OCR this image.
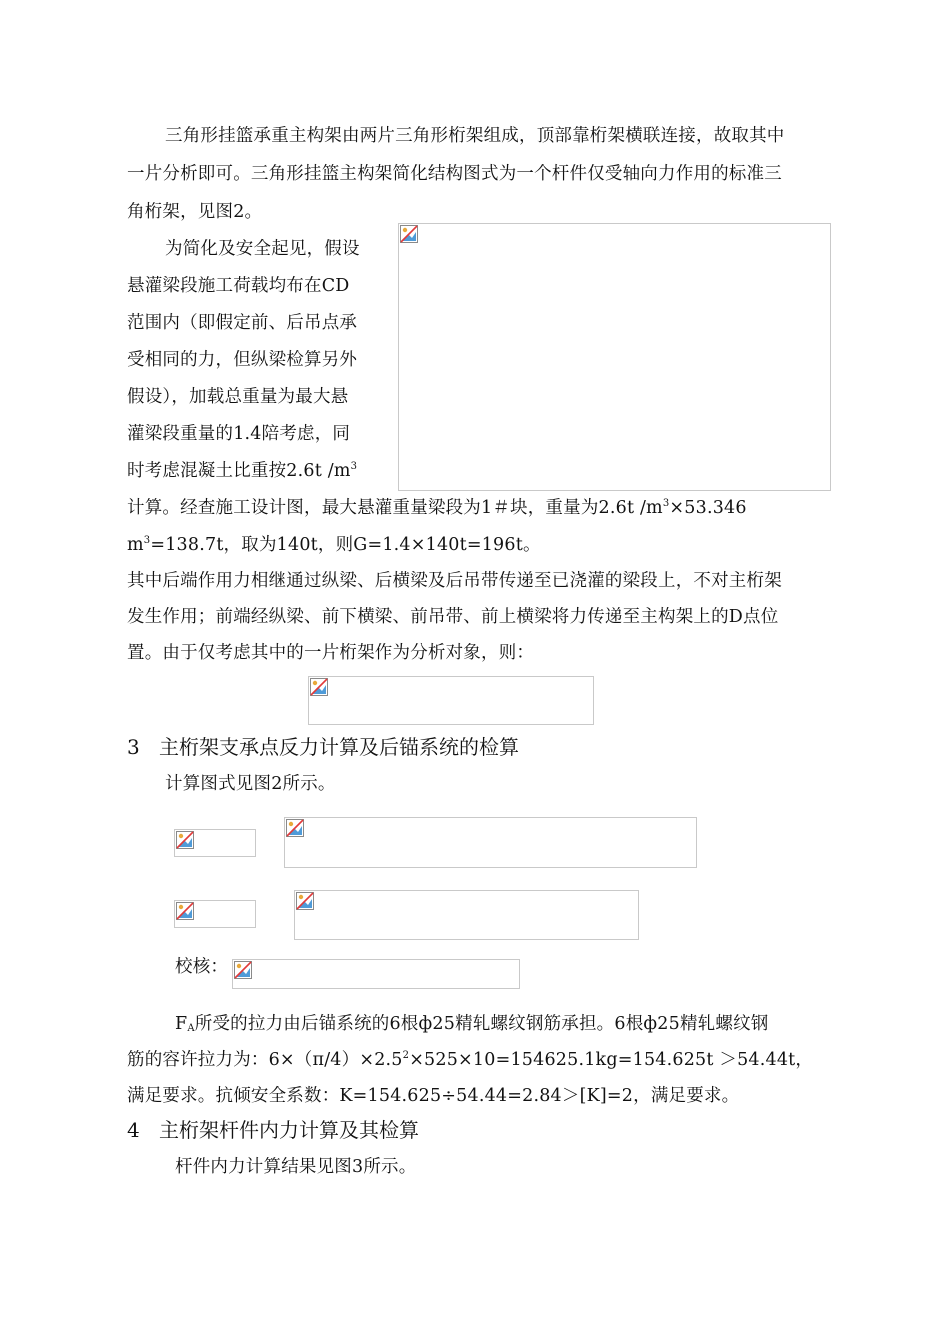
三角形挂篮承重主构架由两片三角形桁架组成，顶部靠桁架横联连接，故取其中
一片分析即可。三角形挂篮主构架简化结构图式为一个杆件仅受轴向力作用的标准三
角桁架，见图2。
为简化及安全起见，假设
悬灌梁段施工荷载均布在CD
范围内（即假定前、后吊点承
受相同的力，但纵梁检算另外
假设），加载总重量为最大悬
灌梁段重量的1.4陪考虑，同
时考虑混凝土比重按2.6t $/m^3$
计算。经查施工设计图，最大悬灌重量梁段为1＃块，重量为2.6t $/m^3\times 53.346$
$m^3=138.7t$，取为140t，则G=1.4×140t=196t。
其中后端作用力相继通过纵梁、后横梁及后吊带传递至已浇灌的梁段上，不对主桁架
发生作用；前端经纵梁、前下横梁、前吊带、前上横梁将力传递至主构架上的D点位
置。由于仅考虑其中的一片桁架作为分析对象，则：
3 主桁架支承点反力计算及后锚系统的检算
计算图式见图2所示。
校核：
$F_A$所受的拉力由后锚系统的6根ф25精轧螺纹钢筋承担。6根ф25精轧螺纹钢
筋的容许拉力为：$6\times(\pi/4)\times 2.5^2\times 525\times 10=154625.1kg=154.625t >54.44t$，
满足要求。抗倾安全系数：K=154.625÷54.44=2.84＞[K]=2，满足要求。
4 主桁架杆件内力计算及其检算
杆件内力计算结果见图3所示。
